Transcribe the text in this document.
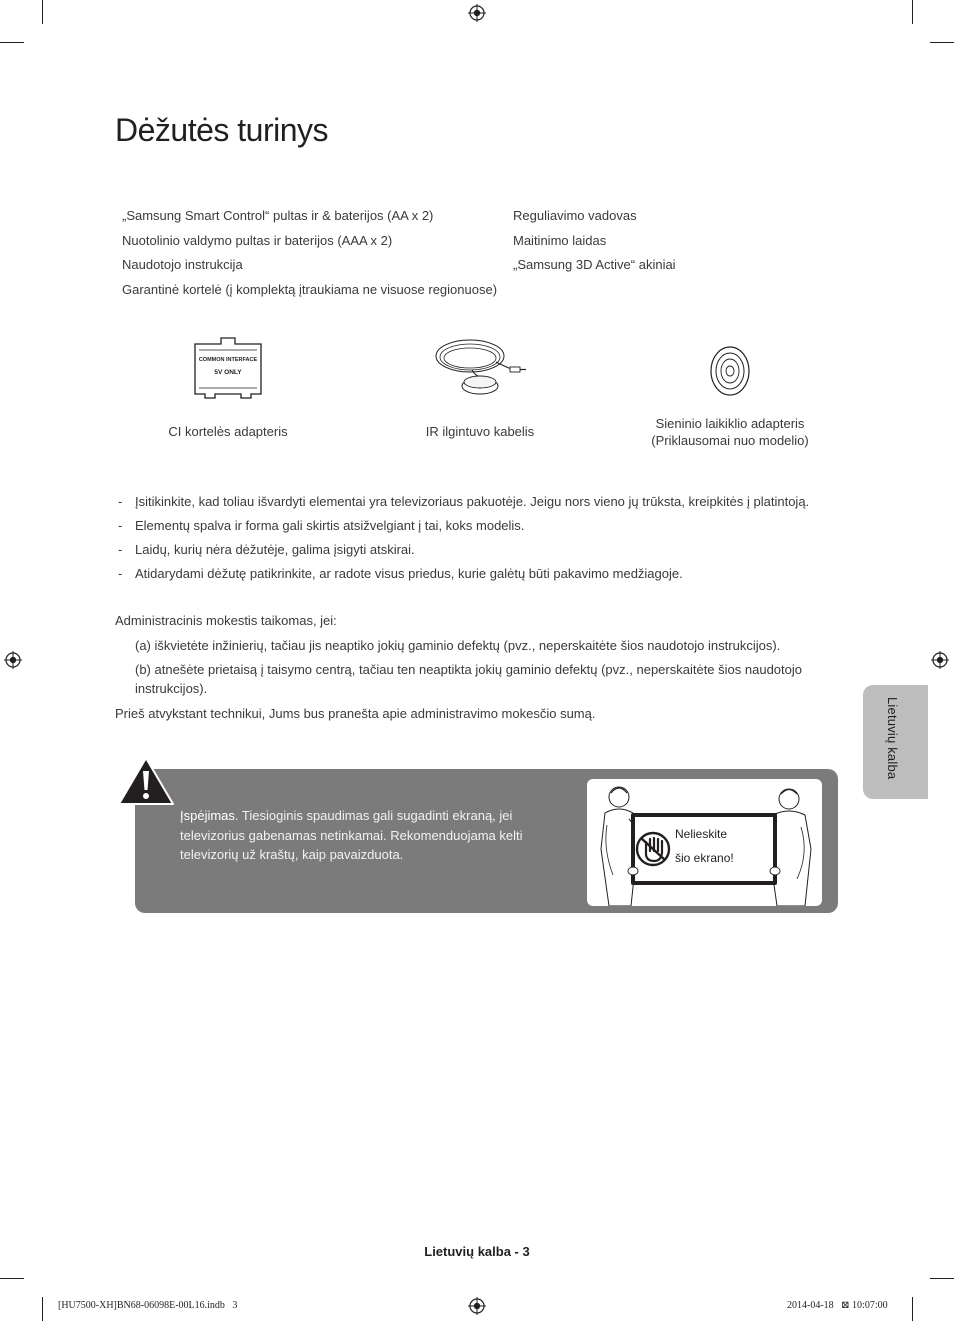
Dėžutės turinys
„Samsung Smart Control“ pultas ir & baterijos (AA x 2)
Nuotolinio valdymo pultas ir baterijos (AAA x 2)
Naudotojo instrukcija
Garantinė kortelė (į komplektą įtraukiama ne visuose regionuose)
Reguliavimo vadovas
Maitinimo laidas
„Samsung 3D Active“ akiniai
COMMON INTERFACE
5V ONLY
CI kortelės adapteris	IR ilgintuvo kabelis
Sieninio laikiklio adapteris
(Priklausomai nuo modelio)
- Įsitikinkite, kad toliau išvardyti elementai yra televizoriaus pakuotėje. Jeigu nors vieno jų trūksta, kreipkitės į platintoją.
- Elementų spalva ir forma gali skirtis atsižvelgiant į tai, koks modelis.
- Laidų, kurių nėra dėžutėje, galima įsigyti atskirai.
- Atidarydami dėžutę patikrinkite, ar radote visus priedus, kurie galėtų būti pakavimo medžiagoje.
Administracinis mokestis taikomas, jei:
(a) iškvietėte inžinierių, tačiau jis neaptiko jokių gaminio defektų (pvz., neperskaitėte šios naudotojo instrukcijos).
(b) atnešėte prietaisą į taisymo centrą, tačiau ten neaptikta jokių gaminio defektų (pvz., neperskaitėte šios naudotojo
instrukcijos).
Prieš atvykstant technikui, Jums bus pranešta apie administravimo mokesčio sumą.
Įspėjimas. Tiesioginis spaudimas gali sugadinti ekraną, jei
televizorius gabenamas netinkamai. Rekomenduojama kelti
televizorių už kraštų, kaip pavaizduota.
Nelieskite
šio ekrano!
Lietuvių kalba
Lietuvių kalba - 3
[HU7500-XH]BN68-06098E-00L16.indb   3	2014-04-18   ⊠ 10:07:00
